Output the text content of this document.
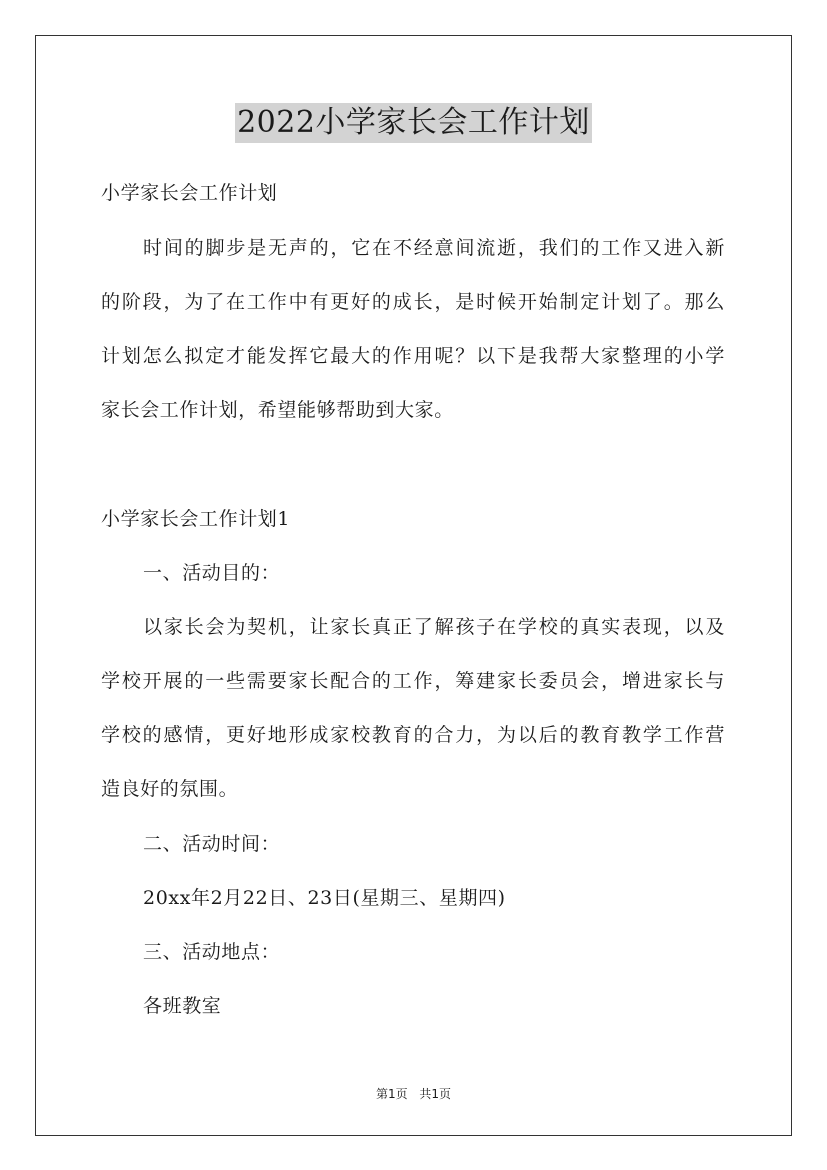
2022小学家长会工作计划
小学家长会工作计划
时间的脚步是无声的，它在不经意间流逝，我们的工作又进入新
的阶段，为了在工作中有更好的成长，是时候开始制定计划了。那么
计划怎么拟定才能发挥它最大的作用呢？以下是我帮大家整理的小学
家长会工作计划，希望能够帮助到大家。
小学家长会工作计划1
一、活动目的：
以家长会为契机，让家长真正了解孩子在学校的真实表现，以及
学校开展的一些需要家长配合的工作，筹建家长委员会，增进家长与
学校的感情，更好地形成家校教育的合力，为以后的教育教学工作营
造良好的氛围。
二、活动时间：
20xx年2月22日、23日(星期三、星期四)
三、活动地点：
各班教室
第1页 共1页
